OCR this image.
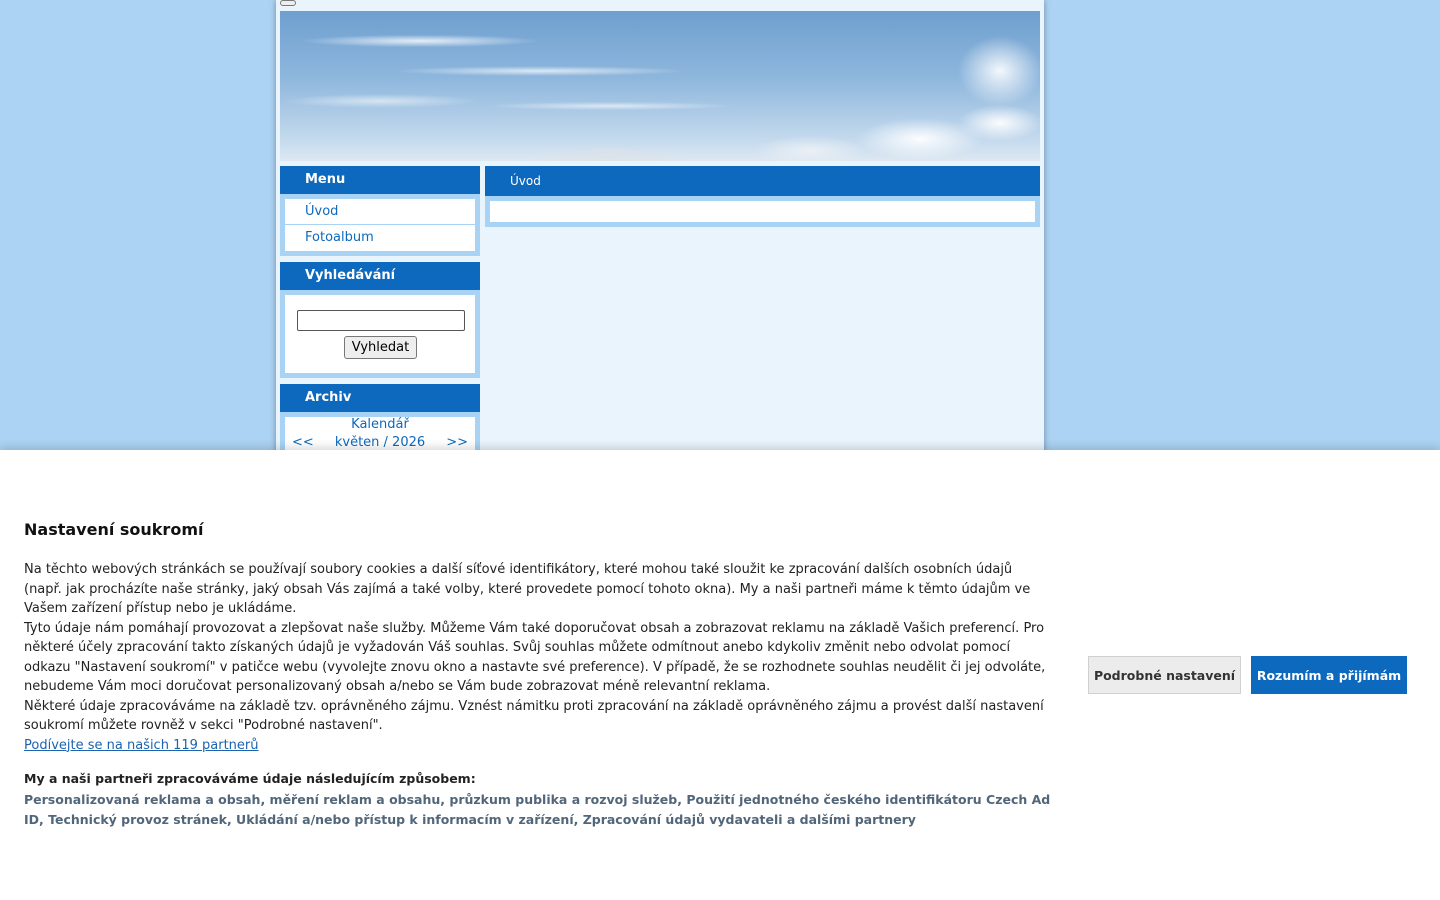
Menu
Úvod
Fotoalbum
Vyhledávání
Vyhledat
Archiv
Kalendář
<<	květen / 2026	>>
Úvod
Nastavení soukromí

Na těchto webových stránkách se používají soubory cookies a další síťové identifikátory, které mohou také sloužit ke zpracování dalších osobních údajů (např. jak procházíte naše stránky, jaký obsah Vás zajímá a také volby, které provedete pomocí tohoto okna). My a naši partneři máme k těmto údajům ve Vašem zařízení přístup nebo je ukládáme.

Tyto údaje nám pomáhají provozovat a zlepšovat naše služby. Můžeme Vám také doporučovat obsah a zobrazovat reklamu na základě Vašich preferencí. Pro některé účely zpracování takto získaných údajů je vyžadován Váš souhlas. Svůj souhlas můžete odmítnout anebo kdykoliv změnit nebo odvolat pomocí odkazu "Nastavení soukromí" v patičce webu (vyvolejte znovu okno a nastavte své preference). V případě, že se rozhodnete souhlas neudělit či jej odvoláte, nebudeme Vám moci doručovat personalizovaný obsah a/nebo se Vám bude zobrazovat méně relevantní reklama.

Některé údaje zpracováváme na základě tzv. oprávněného zájmu. Vznést námitku proti zpracování na základě oprávněného zájmu a provést další nastavení soukromí můžete rovněž v sekci "Podrobné nastavení".

Podívejte se na našich 119 partnerů
My a naši partneři zpracováváme údaje následujícím způsobem:
Personalizovaná reklama a obsah, měření reklam a obsahu, průzkum publika a rozvoj služeb, Použití jednotného českého identifikátoru Czech Ad ID, Technický provoz stránek, Ukládání a/nebo přístup k informacím v zařízení, Zpracování údajů vydavateli a dalšími partnery
Podrobné nastavení	Rozumím a přijímám
